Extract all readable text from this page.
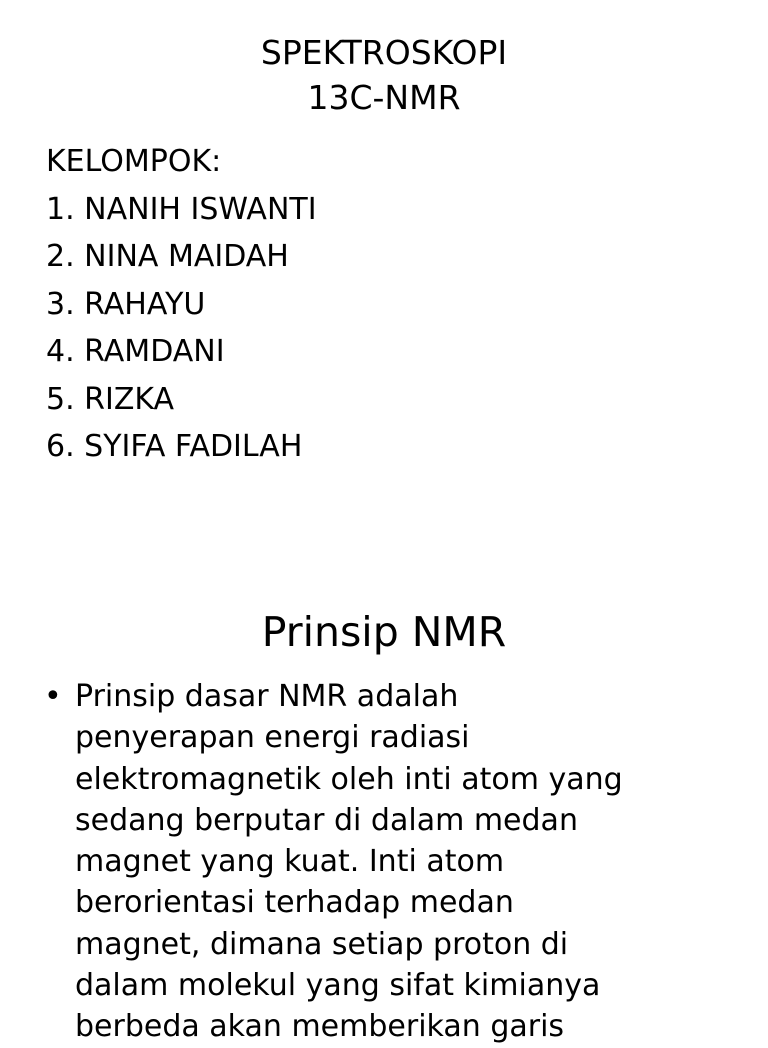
SPEKTROSKOPI
13C-NMR
KELOMPOK:
1. NANIH ISWANTI
2. NINA MAIDAH
3. RAHAYU
4. RAMDANI
5. RIZKA
6. SYIFA FADILAH
Prinsip NMR
• Prinsip dasar NMR adalah
penyerapan energi radiasi
elektromagnetik oleh inti atom yang
sedang berputar di dalam medan
magnet yang kuat. Inti atom
berorientasi terhadap medan
magnet, dimana setiap proton di
dalam molekul yang sifat kimianya
berbeda akan memberikan garis
